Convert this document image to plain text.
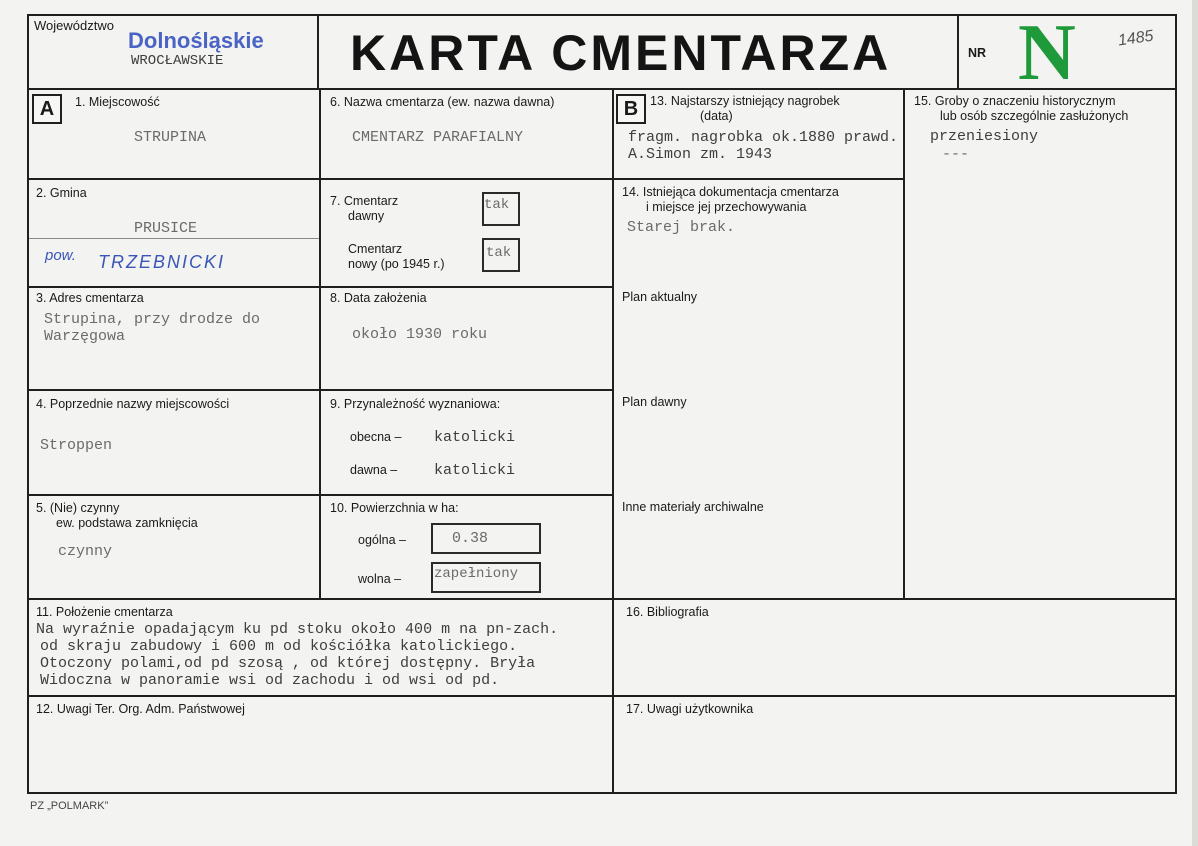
Województwo
Dolnośląskie
WROCŁAWSKIE	KARTA CMENTARZA	NR N	1485
A	B
1. Miejscowość
STRUPINA
6. Nazwa cmentarza (ew. nazwa dawna)
CMENTARZ PARAFIALNY
13. Najstarszy istniejący nagrobek
(data)
fragm. nagrobka ok.1880 prawd.
A.Simon zm. 1943
15. Groby o znaczeniu historycznym
lub osób szczególnie zasłużonych
przeniesiony
---
2. Gmina
PRUSICE
pow. TRZEBNICKI
7. Cmentarz
dawny
tak
Cmentarz
nowy (po 1945 r.)
tak
14. Istniejąca dokumentacja cmentarza
i miejsce jej przechowywania
Starej brak.
Plan aktualny
Plan dawny
Inne materiały archiwalne
3. Adres cmentarza
Strupina, przy drodze do
Warzęgowa
8. Data założenia
około 1930 roku
4. Poprzednie nazwy miejscowości
Stroppen
9. Przynależność wyznaniowa:
obecna – katolicki
dawna – katolicki
5. (Nie) czynny
ew. podstawa zamknięcia
czynny
10. Powierzchnia w ha:
ogólna –	0.38
wolna – zapełniony
11. Położenie cmentarza
Na wyraźnie opadającym ku pd stoku około 400 m na pn-zach.
od skraju zabudowy i 600 m od kościółka katolickiego.
Otoczony polami,od pd szosą , od której dostępny. Bryła
Widoczna w panoramie wsi od zachodu i od wsi od pd.
16. Bibliografia
12. Uwagi Ter. Org. Adm. Państwowej	17. Uwagi użytkownika
PZ „POLMARK”
